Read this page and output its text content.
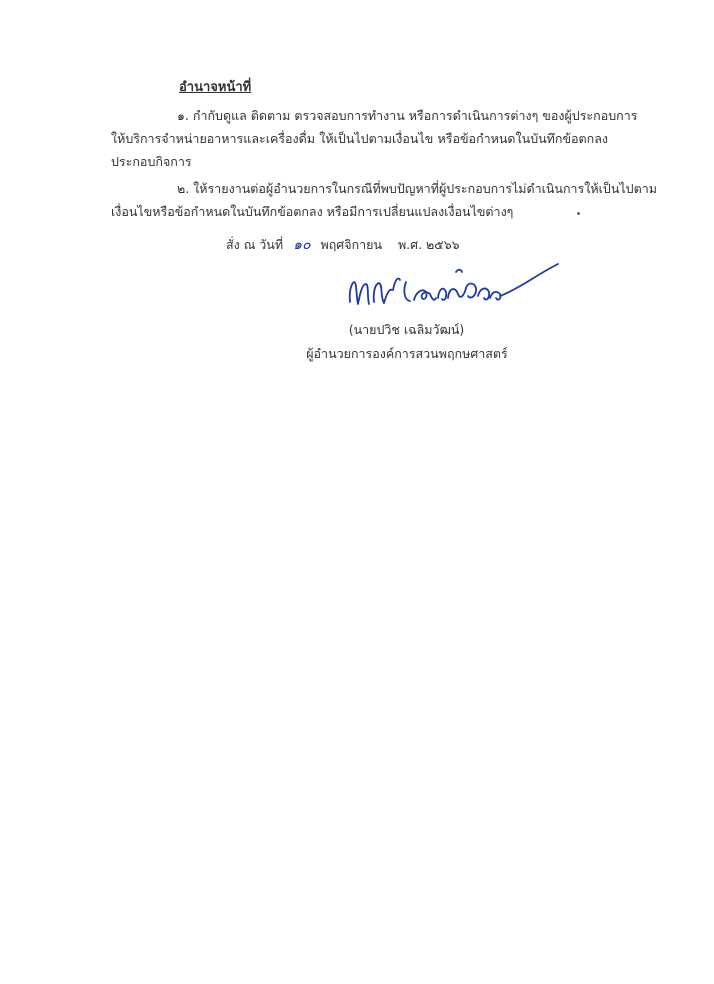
อำนาจหน้าที่
๑. กำกับดูแล ติดตาม ตรวจสอบการทำงาน หรือการดำเนินการต่างๆ ของผู้ประกอบการ
ให้บริการจำหน่ายอาหารและเครื่องดื่ม ให้เป็นไปตามเงื่อนไข หรือข้อกำหนดในบันทึกข้อตกลง
ประกอบกิจการ
๒. ให้รายงานต่อผู้อำนวยการในกรณีที่พบปัญหาที่ผู้ประกอบการไม่ดำเนินการให้เป็นไปตาม
เงื่อนไขหรือข้อกำหนดในบันทึกข้อตกลง หรือมีการเปลี่ยนแปลงเงื่อนไขต่างๆ
สั่ง ณ วันที่ ๑๐ พฤศจิกายน พ.ศ. ๒๕๖๖
(นายปวิช เฉลิมวัฒน์)
ผู้อำนวยการองค์การสวนพฤกษศาสตร์
